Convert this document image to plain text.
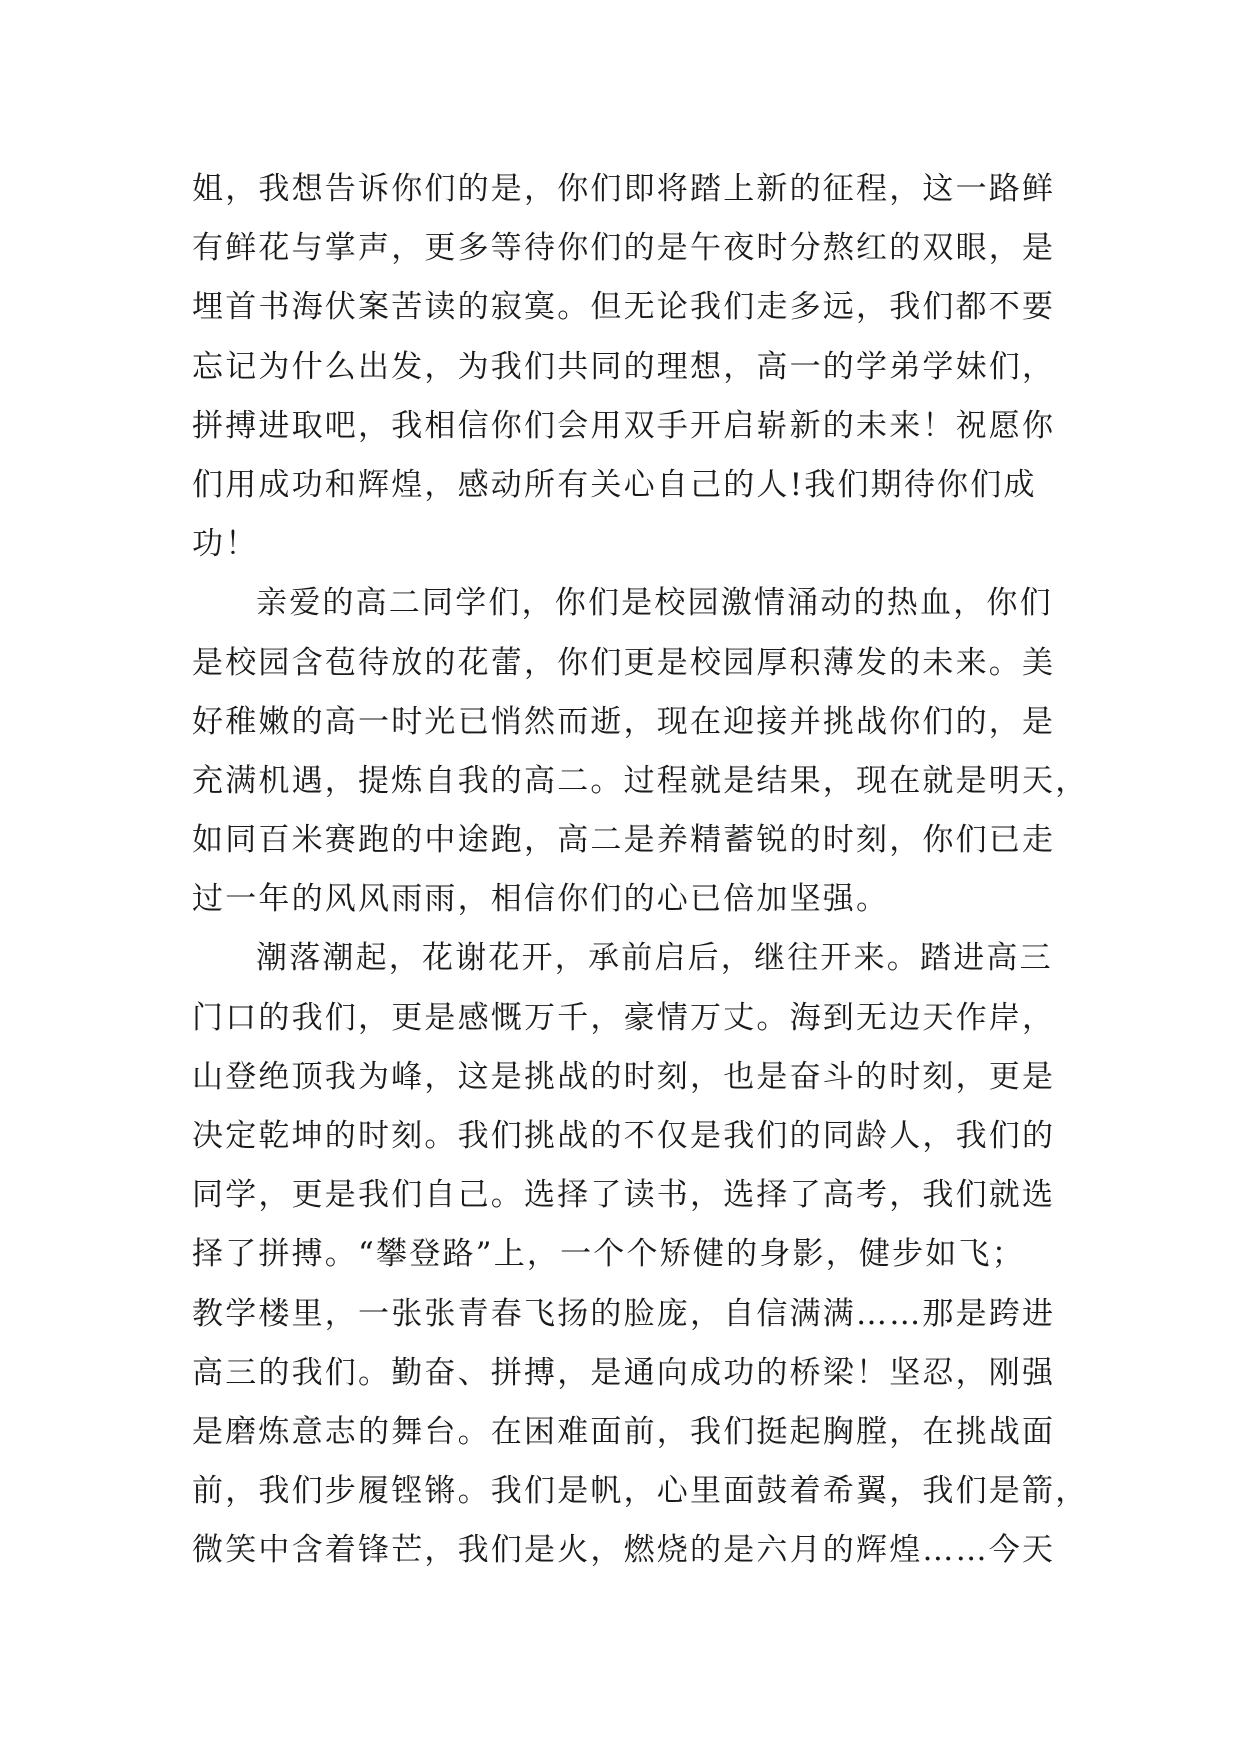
姐，我想告诉你们的是，你们即将踏上新的征程，这一路鲜
有鲜花与掌声，更多等待你们的是午夜时分熬红的双眼，是
埋首书海伏案苦读的寂寞。但无论我们走多远，我们都不要
忘记为什么出发，为我们共同的理想，高一的学弟学妹们，
拼搏进取吧，我相信你们会用双手开启崭新的未来！祝愿你
们用成功和辉煌，感动所有关心自己的人!我们期待你们成
功！
亲爱的高二同学们，你们是校园激情涌动的热血，你们
是校园含苞待放的花蕾，你们更是校园厚积薄发的未来。美
好稚嫩的高一时光已悄然而逝，现在迎接并挑战你们的，是
充满机遇，提炼自我的高二。过程就是结果，现在就是明天，
如同百米赛跑的中途跑，高二是养精蓄锐的时刻，你们已走
过一年的风风雨雨，相信你们的心已倍加坚强。
潮落潮起，花谢花开，承前启后，继往开来。踏进高三
门口的我们，更是感慨万千，豪情万丈。海到无边天作岸，
山登绝顶我为峰，这是挑战的时刻，也是奋斗的时刻，更是
决定乾坤的时刻。我们挑战的不仅是我们的同龄人，我们的
同学，更是我们自己。选择了读书，选择了高考，我们就选
择了拼搏。“攀登路”上，一个个矫健的身影，健步如飞；
教学楼里，一张张青春飞扬的脸庞，自信满满……那是跨进
高三的我们。勤奋、拼搏，是通向成功的桥梁！坚忍，刚强
是磨炼意志的舞台。在困难面前，我们挺起胸膛，在挑战面
前，我们步履铿锵。我们是帆，心里面鼓着希翼，我们是箭，
微笑中含着锋芒，我们是火，燃烧的是六月的辉煌……今天
